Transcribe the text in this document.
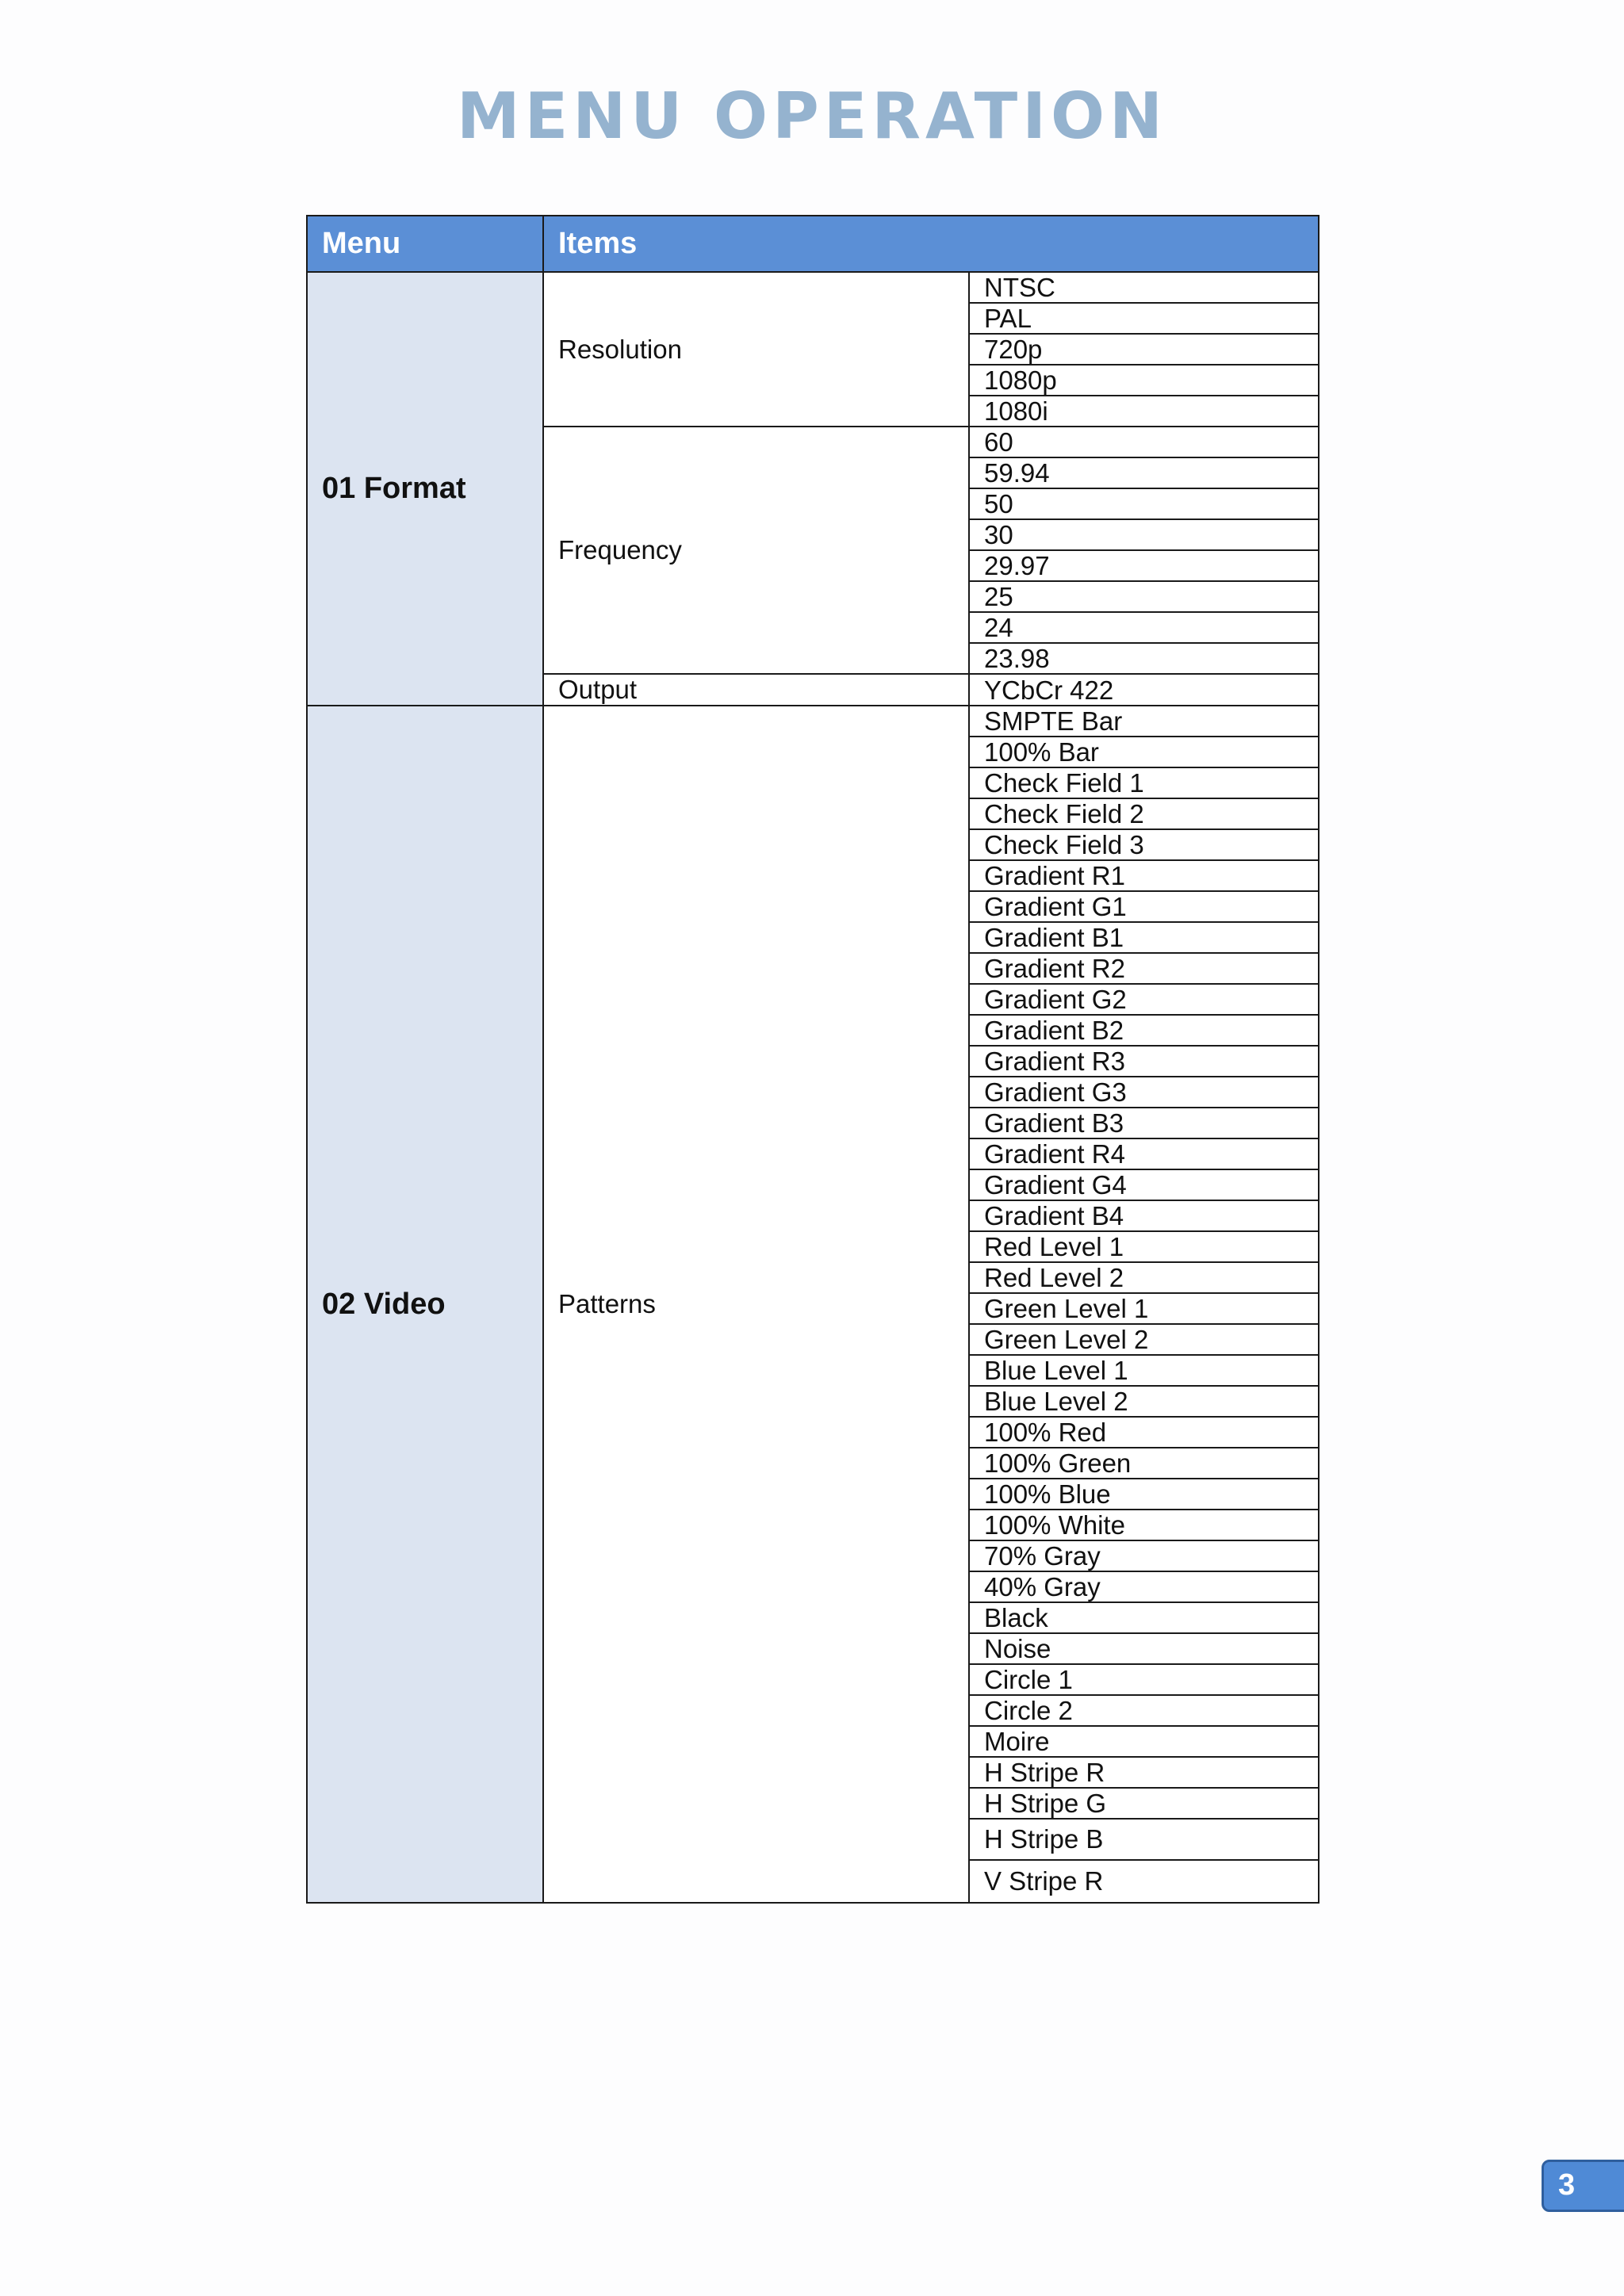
MENU OPERATION
Menu	Items	
01 Format	Resolution	NTSC
		PAL
		720p
		1080p
		1080i
	Frequency	60
		59.94
		50
		30
		29.97
		25
		24
		23.98
	Output	YCbCr 422
02 Video	Patterns	SMPTE Bar
		100% Bar
		Check Field 1
		Check Field 2
		Check Field 3
		Gradient R1
		Gradient G1
		Gradient B1
		Gradient R2
		Gradient G2
		Gradient B2
		Gradient R3
		Gradient G3
		Gradient B3
		Gradient R4
		Gradient G4
		Gradient B4
		Red Level 1
		Red Level 2
		Green Level 1
		Green Level 2
		Blue Level 1
		Blue Level 2
		100% Red
		100% Green
		100% Blue
		100% White
		70% Gray
		40% Gray
		Black
		Noise
		Circle 1
		Circle 2
		Moire
		H Stripe R
		H Stripe G
		H Stripe B
		V Stripe R
3
